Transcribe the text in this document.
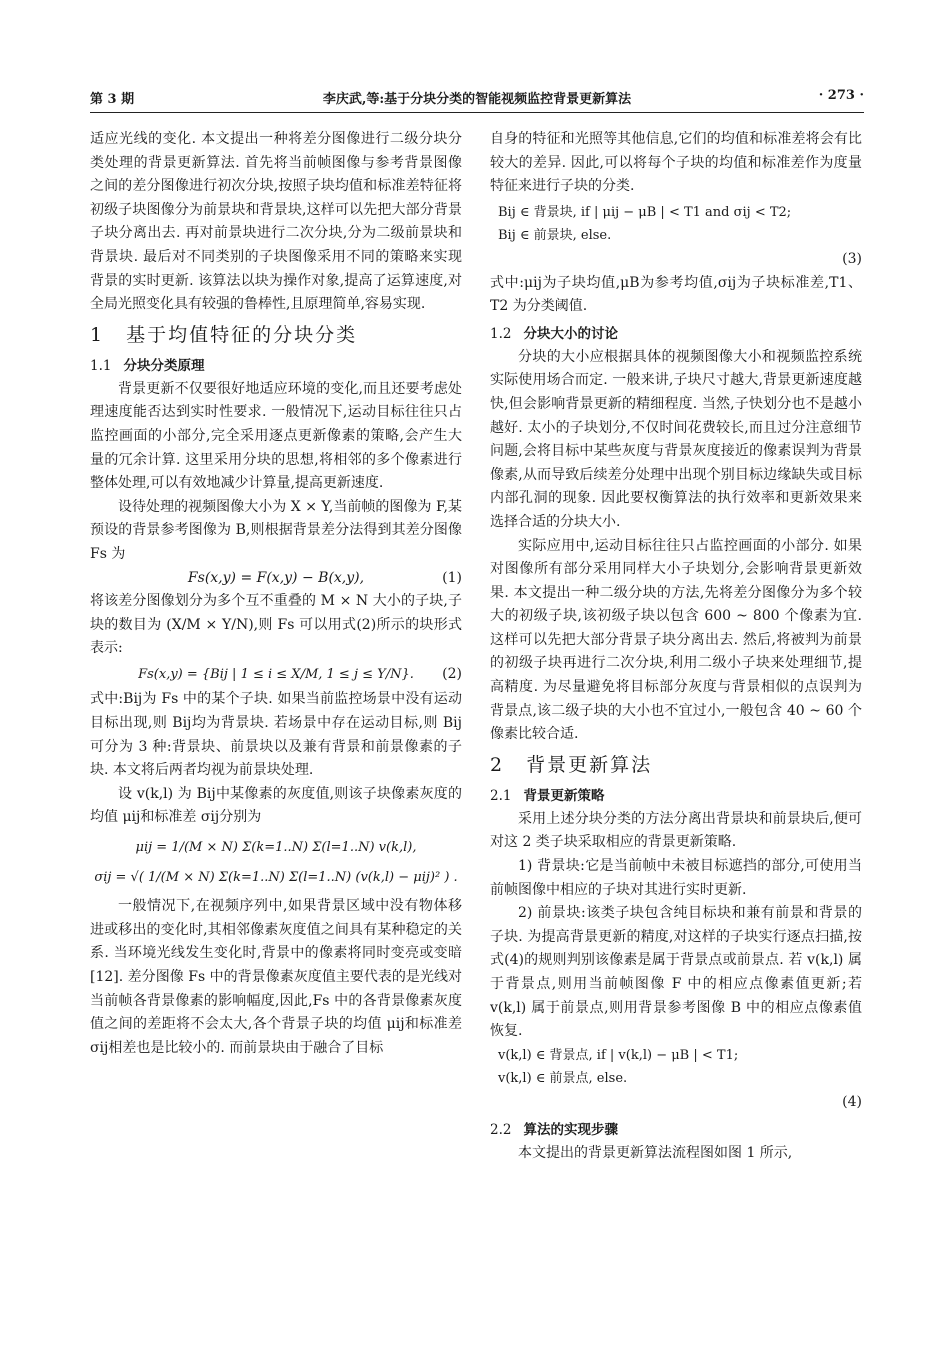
第 3 期	李庆武,等:基于分块分类的智能视频监控背景更新算法	· 273 ·

适应光线的变化. 本文提出一种将差分图像进行二级分块分类处理的背景更新算法. 首先将当前帧图像与参考背景图像之间的差分图像进行初次分块,按照子块均值和标准差特征将初级子块图像分为前景块和背景块,这样可以先把大部分背景子块分离出去. 再对前景块进行二次分块,分为二级前景块和背景块. 最后对不同类别的子块图像采用不同的策略来实现背景的实时更新. 该算法以块为操作对象,提高了运算速度,对全局光照变化具有较强的鲁棒性,且原理简单,容易实现.

1 基于均值特征的分块分类
1.1 分块分类原理

背景更新不仅要很好地适应环境的变化,而且还要考虑处理速度能否达到实时性要求. 一般情况下,运动目标往往只占监控画面的小部分,完全采用逐点更新像素的策略,会产生大量的冗余计算. 这里采用分块的思想,将相邻的多个像素进行整体处理,可以有效地减少计算量,提高更新速度.

设待处理的视频图像大小为 X × Y,当前帧的图像为 F,某预设的背景参考图像为 B,则根据背景差分法得到其差分图像 Fs 为

Fs(x,y) = F(x,y) − B(x,y),	(1)

将该差分图像划分为多个互不重叠的 M × N 大小的子块,子块的数目为 (X/M × Y/N),则 Fs 可以用式(2)所示的块形式表示:

Fs(x,y) = {Bij | 1 ≤ i ≤ X/M, 1 ≤ j ≤ Y/N}. (2)

式中:Bij为 Fs 中的某个子块. 如果当前监控场景中没有运动目标出现,则 Bij均为背景块. 若场景中存在运动目标,则 Bij可分为 3 种:背景块、前景块以及兼有背景和前景像素的子块. 本文将后两者均视为前景块处理.

设 v(k,l) 为 Bij中某像素的灰度值,则该子块像素灰度的均值 μij和标准差 σij分别为

μij = 1/(M × N) Σ(k=1..N) Σ(l=1..N) v(k,l),
σij = √( 1/(M × N) Σ(k=1..N) Σ(l=1..N) (v(k,l) − μij)² ) .

一般情况下,在视频序列中,如果背景区域中没有物体移进或移出的变化时,其相邻像素灰度值之间具有某种稳定的关系. 当环境光线发生变化时,背景中的像素将同时变亮或变暗[12]. 差分图像 Fs 中的背景像素灰度值主要代表的是光线对当前帧各背景像素的影响幅度,因此,Fs 中的各背景像素灰度值之间的差距将不会太大,各个背景子块的均值 μij和标准差 σij相差也是比较小的. 而前景块由于融合了目标

自身的特征和光照等其他信息,它们的均值和标准差将会有比较大的差异. 因此,可以将每个子块的均值和标准差作为度量特征来进行子块的分类.

Bij ∈ 背景块, if | μij − μB | < T1 and σij < T2;
Bij ∈ 前景块, else.
(3)

式中:μij为子块均值,μB为参考均值,σij为子块标准差,T1、T2 为分类阈值.

1.2 分块大小的讨论

分块的大小应根据具体的视频图像大小和视频监控系统实际使用场合而定. 一般来讲,子块尺寸越大,背景更新速度越快,但会影响背景更新的精细程度. 当然,子快划分也不是越小越好. 太小的子块划分,不仅时间花费较长,而且过分注意细节问题,会将目标中某些灰度与背景灰度接近的像素误判为背景像素,从而导致后续差分处理中出现个别目标边缘缺失或目标内部孔洞的现象. 因此要权衡算法的执行效率和更新效果来选择合适的分块大小.

实际应用中,运动目标往往只占监控画面的小部分. 如果对图像所有部分采用同样大小子块划分,会影响背景更新效果. 本文提出一种二级分块的方法,先将差分图像分为多个较大的初级子块,该初级子块以包含 600 ~ 800 个像素为宜. 这样可以先把大部分背景子块分离出去. 然后,将被判为前景的初级子块再进行二次分块,利用二级小子块来处理细节,提高精度. 为尽量避免将目标部分灰度与背景相似的点误判为背景点,该二级子块的大小也不宜过小,一般包含 40 ~ 60 个像素比较合适.

2 背景更新算法
2.1 背景更新策略

采用上述分块分类的方法分离出背景块和前景块后,便可对这 2 类子块采取相应的背景更新策略.

1) 背景块:它是当前帧中未被目标遮挡的部分,可使用当前帧图像中相应的子块对其进行实时更新.

2) 前景块:该类子块包含纯目标块和兼有前景和背景的子块. 为提高背景更新的精度,对这样的子块实行逐点扫描,按式(4)的规则判别该像素是属于背景点或前景点. 若 v(k,l) 属于背景点,则用当前帧图像 F 中的相应点像素值更新;若 v(k,l) 属于前景点,则用背景参考图像 B 中的相应点像素值恢复.

v(k,l) ∈ 背景点, if | v(k,l) − μB | < T1;
v(k,l) ∈ 前景点, else.
(4)
2.2 算法的实现步骤

本文提出的背景更新算法流程图如图 1 所示,
